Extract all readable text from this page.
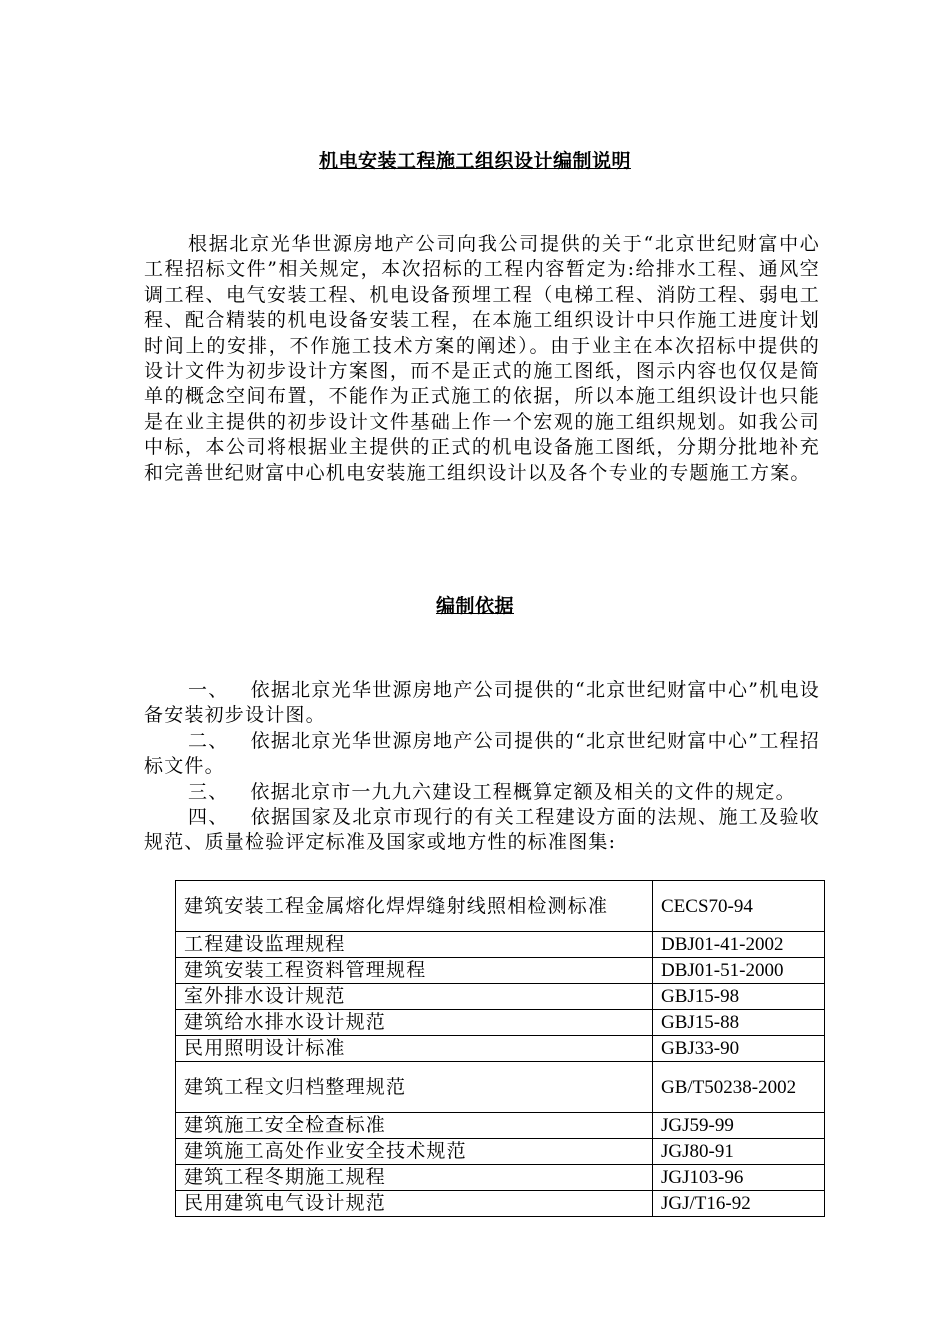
机电安装工程施工组织设计编制说明
根据北京光华世源房地产公司向我公司提供的关于“北京世纪财富中心工程招标文件”相关规定，本次招标的工程内容暂定为:给排水工程、通风空调工程、电气安装工程、机电设备预埋工程（电梯工程、消防工程、弱电工程、配合精装的机电设备安装工程，在本施工组织设计中只作施工进度计划时间上的安排，不作施工技术方案的阐述）。由于业主在本次招标中提供的设计文件为初步设计方案图，而不是正式的施工图纸，图示内容也仅仅是简单的概念空间布置，不能作为正式施工的依据，所以本施工组织设计也只能是在业主提供的初步设计文件基础上作一个宏观的施工组织规划。如我公司中标，本公司将根据业主提供的正式的机电设备施工图纸，分期分批地补充和完善世纪财富中心机电安装施工组织设计以及各个专业的专题施工方案。
编制依据
一、 依据北京光华世源房地产公司提供的“北京世纪财富中心”机电设备安装初步设计图。
二、 依据北京光华世源房地产公司提供的“北京世纪财富中心”工程招标文件。
三、 依据北京市一九九六建设工程概算定额及相关的文件的规定。
四、 依据国家及北京市现行的有关工程建设方面的法规、施工及验收规范、质量检验评定标准及国家或地方性的标准图集:
建筑安装工程金属熔化焊焊缝射线照相检测标准	CECS70-94
工程建设监理规程	DBJ01-41-2002
建筑安装工程资料管理规程	DBJ01-51-2000
室外排水设计规范	GBJ15-98
建筑给水排水设计规范	GBJ15-88
民用照明设计标准	GBJ33-90
建筑工程文归档整理规范	GB/T50238-2002
建筑施工安全检查标准	JGJ59-99
建筑施工高处作业安全技术规范	JGJ80-91
建筑工程冬期施工规程	JGJ103-96
民用建筑电气设计规范	JGJ/T16-92
